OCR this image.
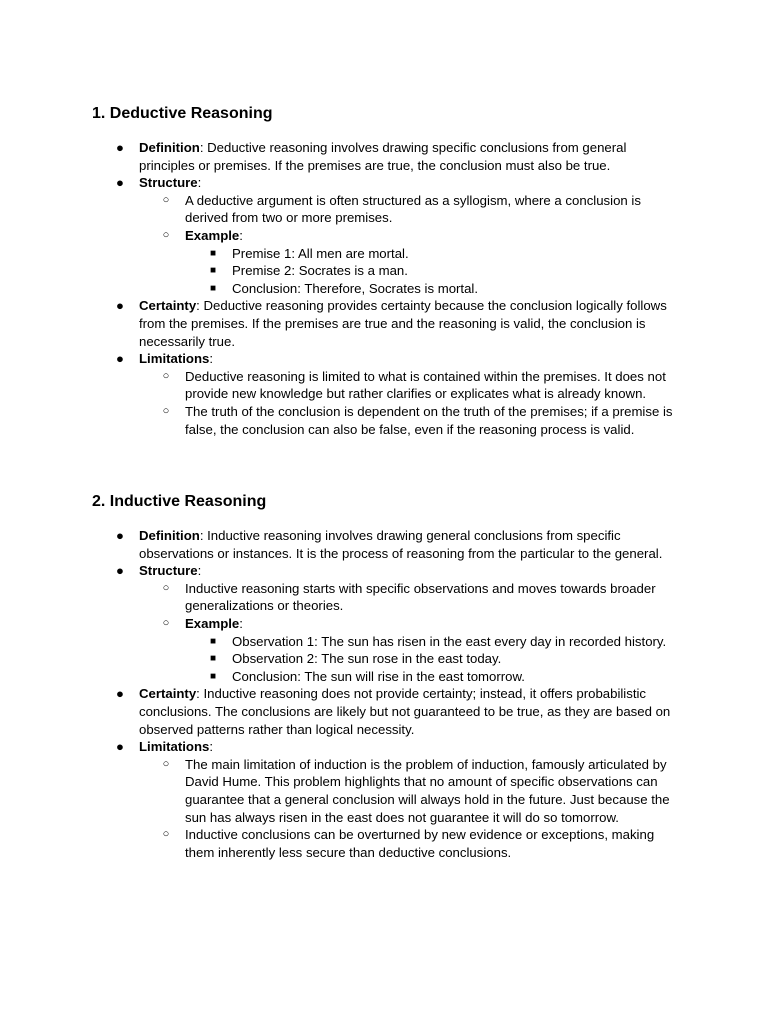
1. Deductive Reasoning
● Definition: Deductive reasoning involves drawing specific conclusions from general principles or premises. If the premises are true, the conclusion must also be true.
● Structure:
○ A deductive argument is often structured as a syllogism, where a conclusion is derived from two or more premises.
○ Example:
■	Premise 1: All men are mortal.
■	Premise 2: Socrates is a man.
■	Conclusion: Therefore, Socrates is mortal.
● Certainty: Deductive reasoning provides certainty because the conclusion logically follows from the premises. If the premises are true and the reasoning is valid, the conclusion is necessarily true.
● Limitations:
○ Deductive reasoning is limited to what is contained within the premises. It does not provide new knowledge but rather clarifies or explicates what is already known.
○ The truth of the conclusion is dependent on the truth of the premises; if a premise is false, the conclusion can also be false, even if the reasoning process is valid.
2. Inductive Reasoning
● Definition: Inductive reasoning involves drawing general conclusions from specific observations or instances. It is the process of reasoning from the particular to the general.
● Structure:
○ Inductive reasoning starts with specific observations and moves towards broader generalizations or theories.
○ Example:
■	Observation 1: The sun has risen in the east every day in recorded history.
■	Observation 2: The sun rose in the east today.
■	Conclusion: The sun will rise in the east tomorrow.
● Certainty: Inductive reasoning does not provide certainty; instead, it offers probabilistic conclusions. The conclusions are likely but not guaranteed to be true, as they are based on observed patterns rather than logical necessity.
● Limitations:
○ The main limitation of induction is the problem of induction, famously articulated by David Hume. This problem highlights that no amount of specific observations can guarantee that a general conclusion will always hold in the future. Just because the sun has always risen in the east does not guarantee it will do so tomorrow.
○ Inductive conclusions can be overturned by new evidence or exceptions, making them inherently less secure than deductive conclusions.
